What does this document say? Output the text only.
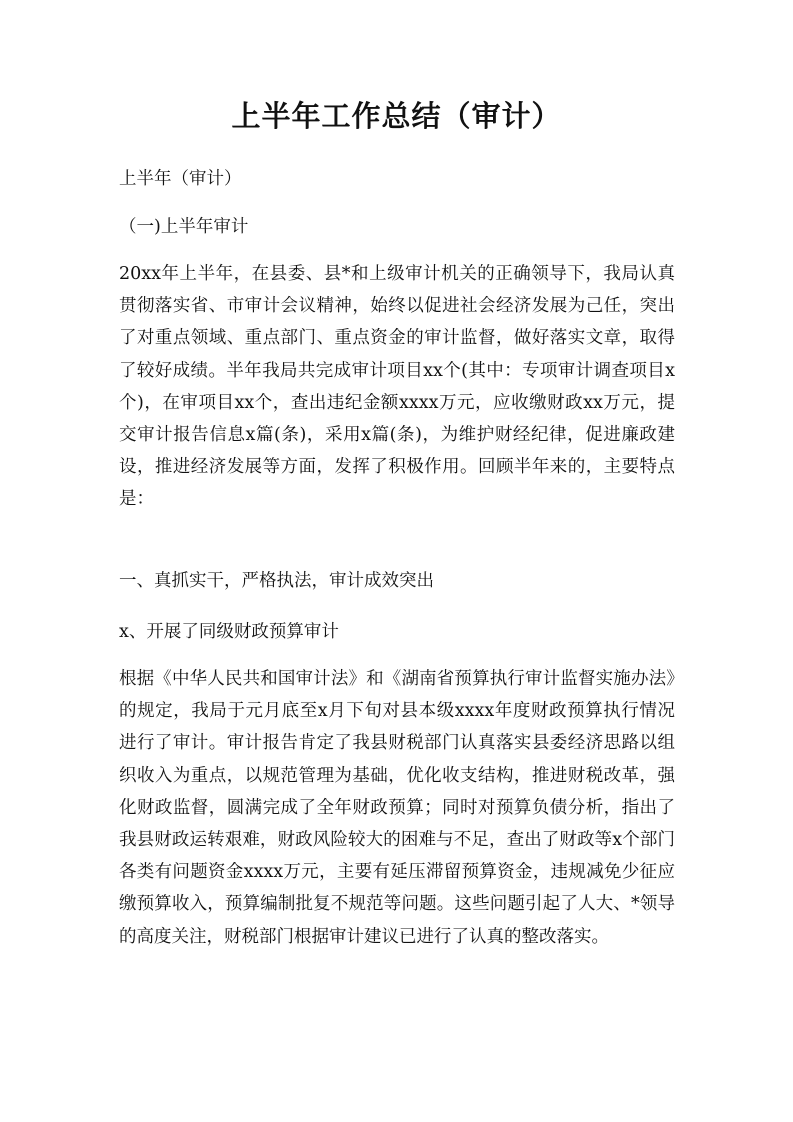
上半年工作总结（审计）
上半年（审计）
（一)上半年审计

20xx年上半年，在县委、县*和上级审计机关的正确领导下，我局认真贯彻落实省、市审计会议精神，始终以促进社会经济发展为己任，突出了对重点领域、重点部门、重点资金的审计监督，做好落实文章，取得了较好成绩。半年我局共完成审计项目xx个(其中：专项审计调查项目x个)，在审项目xx个，查出违纪金额xxxx万元，应收缴财政xx万元，提交审计报告信息x篇(条)，采用x篇(条)，为维护财经纪律，促进廉政建设，推进经济发展等方面，发挥了积极作用。回顾半年来的，主要特点是：

一、真抓实干，严格执法，审计成效突出
x、开展了同级财政预算审计

根据《中华人民共和国审计法》和《湖南省预算执行审计监督实施办法》的规定，我局于元月底至x月下旬对县本级xxxx年度财政预算执行情况进行了审计。审计报告肯定了我县财税部门认真落实县委经济思路以组织收入为重点，以规范管理为基础，优化收支结构，推进财税改革，强化财政监督，圆满完成了全年财政预算；同时对预算负债分析，指出了我县财政运转艰难，财政风险较大的困难与不足，查出了财政等x个部门各类有问题资金xxxx万元，主要有延压滞留预算资金，违规减免少征应缴预算收入，预算编制批复不规范等问题。这些问题引起了人大、*领导的高度关注，财税部门根据审计建议已进行了认真的整改落实。
